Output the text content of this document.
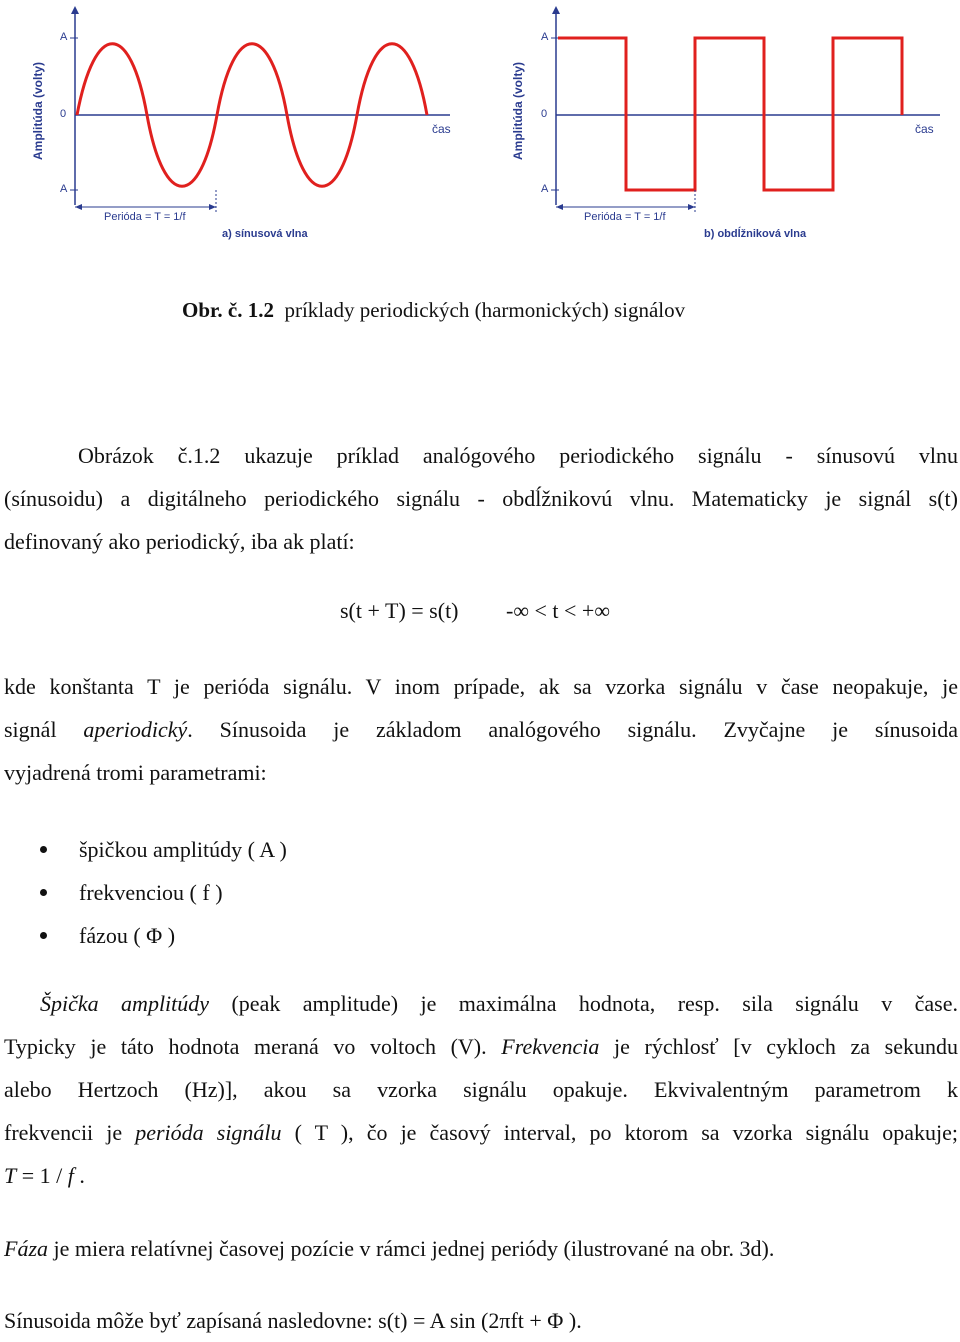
Amplitúda (volty)
A
0
A
čas
Perióda = T = 1/f
a) sínusová vlna
Amplitúda (volty)
A
0
A
čas
Perióda = T = 1/f
b) obdĺžniková vlna
Obr. č. 1.2 príklady periodických (harmonických) signálov
Obrázok č.1.2 ukazuje príklad analógového periodického signálu - sínusovú vlnu
(sínusoidu) a digitálneho periodického signálu - obdĺžnikovú vlnu. Matematicky je signál s(t)
definovaný ako periodický, iba ak platí:
s(t + T) = s(t) -∞ < t < +∞
kde konštanta T je perióda signálu. V inom prípade, ak sa vzorka signálu v čase neopakuje, je
signál aperiodický. Sínusoida je základom analógového signálu. Zvyčajne je sínusoida
vyjadrená tromi parametrami:
špičkou amplitúdy ( A )
frekvenciou ( f )
fázou ( Φ )
Špička amplitúdy (peak amplitude) je maximálna hodnota, resp. sila signálu v čase.
Typicky je táto hodnota meraná vo voltoch (V). Frekvencia je rýchlosť [v cykloch za sekundu
alebo Hertzoch (Hz)], akou sa vzorka signálu opakuje. Ekvivalentným parametrom k
frekvencii je perióda signálu ( T ), čo je časový interval, po ktorom sa vzorka signálu opakuje;
T = 1 / f .
Fáza je miera relatívnej časovej pozície v rámci jednej periódy (ilustrované na obr. 3d).
Sínusoida môže byť zapísaná nasledovne: s(t) = A sin (2πft + Φ ).
